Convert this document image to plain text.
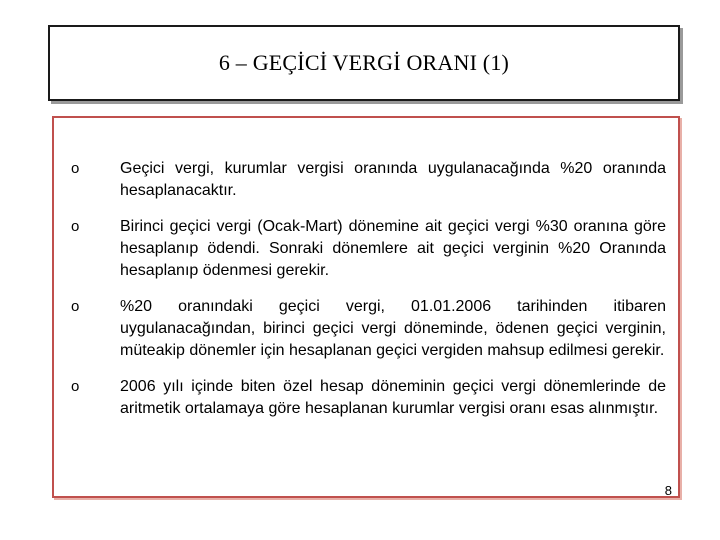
6 – GEÇİCİ VERGİ ORANI (1)
o	Geçici vergi, kurumlar vergisi oranında uygulanacağında %20 oranında hesaplanacaktır.
o	Birinci geçici vergi (Ocak-Mart) dönemine ait geçici vergi %30 oranına göre hesaplanıp ödendi. Sonraki dönemlere ait geçici verginin %20 Oranında hesaplanıp ödenmesi gerekir.
o	%20 oranındaki geçici vergi, 01.01.2006 tarihinden itibaren uygulanacağından, birinci geçici vergi döneminde, ödenen geçici verginin, müteakip dönemler için hesaplanan geçici vergiden mahsup edilmesi gerekir.
o	2006 yılı içinde biten özel hesap döneminin geçici vergi dönemlerinde de aritmetik ortalamaya göre hesaplanan kurumlar vergisi oranı esas alınmıştır.
8
